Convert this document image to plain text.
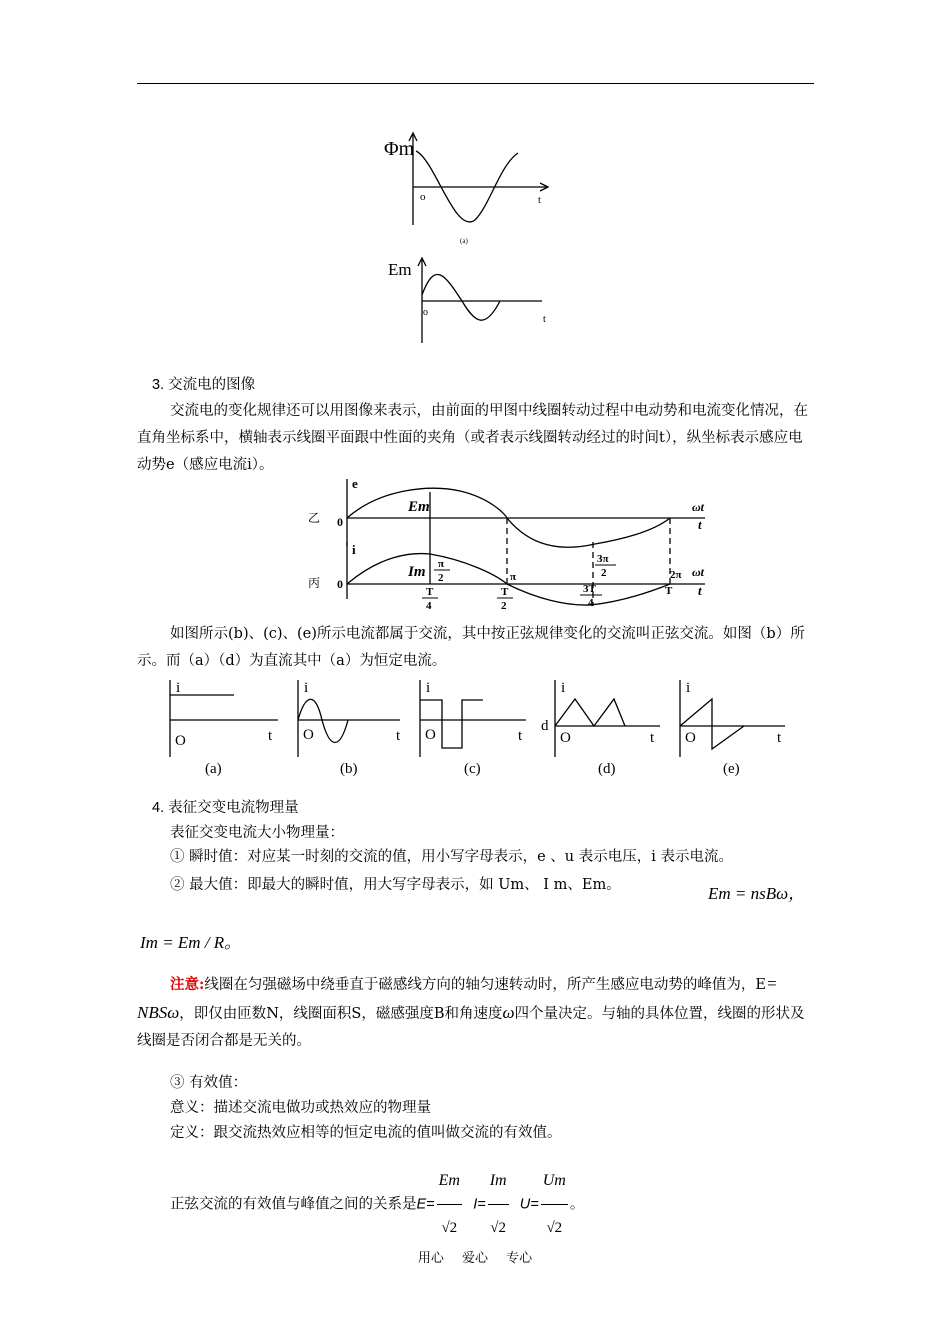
Φm
o	t
(a)
Em
o
t
3. 交流电的图像
交流电的变化规律还可以用图像来表示，由前面的甲图中线圈转动过程中电动势和电流变化情况，在直角坐标系中，横轴表示线圈平面跟中性面的夹角（或者表示线圈转动经过的时间t），纵坐标表示感应电动势e（感应电流i）。
乙
丙
e
i
0
0
Em
Im
ωt
t
ωt
t
π
2	π
3π
2	2π
T
4
T
2
3T
4
T
如图所示(b)、(c)、(e)所示电流都属于交流，其中按正弦规律变化的交流叫正弦交流。如图（b）所示。而（a）（d）为直流其中（a）为恒定电流。
i
t
O
(a)
i
t
O
(b)
i
t
O
(c)
i
t
O
d
(d)
i
t
O
(e)
4. 表征交变电流物理量
表征交变电流大小物理量：
① 瞬时值：对应某一时刻的交流的值，用小写字母表示，e 、u 表示电压，i 表示电流。
② 最大值：即最大的瞬时值，用大写字母表示，如 Um、 I m、Em。	Em = nsBω，
Im = Em / R。
注意:线圈在匀强磁场中绕垂直于磁感线方向的轴匀速转动时，所产生感应电动势的峰值为，E= NBSω，即仅由匝数N，线圈面积S，磁感强度B和角速度ω四个量决定。与轴的具体位置，线圈的形状及线圈是否闭合都是无关的。
③ 有效值：
意义：描述交流电做功或热效应的物理量
定义：跟交流热效应相等的恒定电流的值叫做交流的有效值。
正弦交流的有效值与峰值之间的关系是$E= \frac{Em}{√2} I= \frac{Im}{√2} U= \frac{Um}{√2}$ 。
用心 爱心 专心
